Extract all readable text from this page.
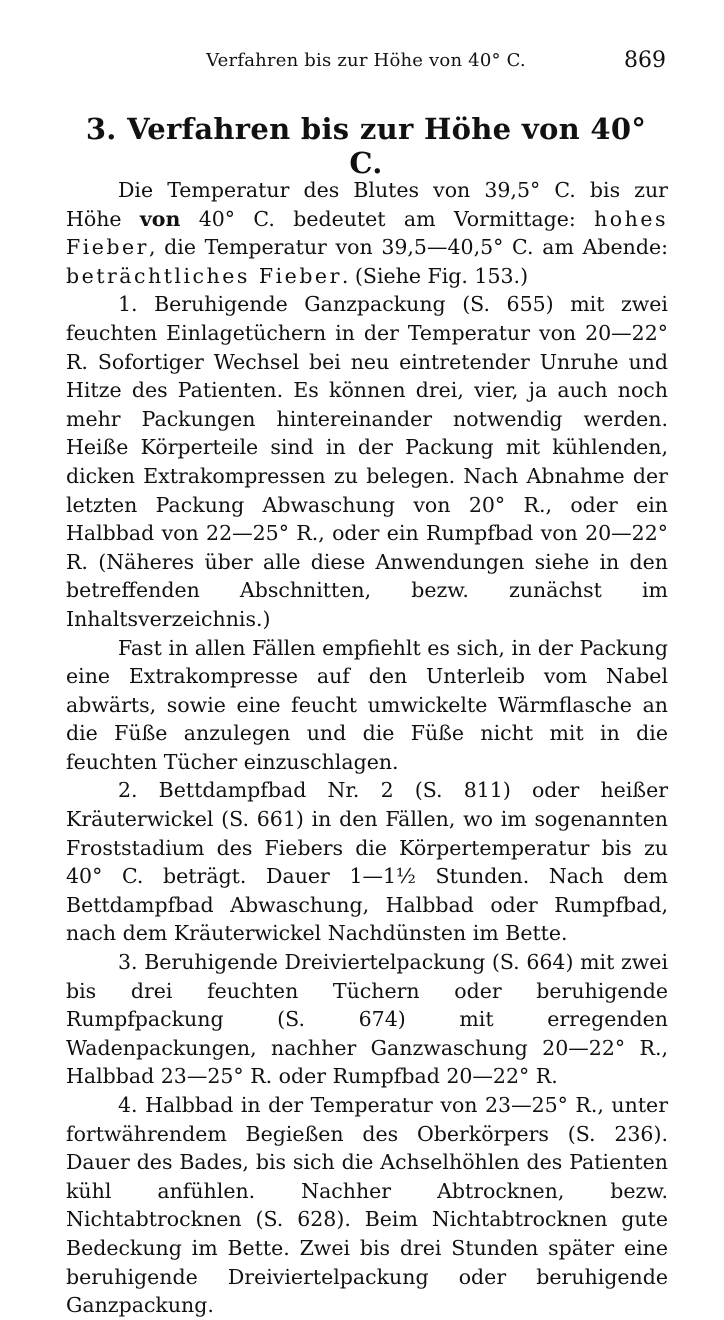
Verfahren bis zur Höhe von 40° C.	869
3. Verfahren bis zur Höhe von 40° C.

Die Temperatur des Blutes von 39,5° C. bis zur Höhe von 40° C. bedeutet am Vormittage: hohes Fieber, die Temperatur von 39,5—40,5° C. am Abende: beträchtliches Fieber. (Siehe Fig. 153.)

1. Beruhigende Ganzpackung (S. 655) mit zwei feuchten Einlagetüchern in der Temperatur von 20—22° R. Sofortiger Wechsel bei neu eintretender Unruhe und Hitze des Patienten. Es können drei, vier, ja auch noch mehr Packungen hintereinander notwendig werden. Heiße Körperteile sind in der Packung mit kühlenden, dicken Extrakompressen zu belegen. Nach Abnahme der letzten Packung Abwaschung von 20° R., oder ein Halbbad von 22—25° R., oder ein Rumpfbad von 20—22° R. (Näheres über alle diese Anwendungen siehe in den betreffenden Abschnitten, bezw. zunächst im Inhaltsverzeichnis.)

Fast in allen Fällen empfiehlt es sich, in der Packung eine Extrakompresse auf den Unterleib vom Nabel abwärts, sowie eine feucht umwickelte Wärmflasche an die Füße anzulegen und die Füße nicht mit in die feuchten Tücher einzuschlagen.

2. Bettdampfbad Nr. 2 (S. 811) oder heißer Kräuterwickel (S. 661) in den Fällen, wo im sogenannten Froststadium des Fiebers die Körpertemperatur bis zu 40° C. beträgt. Dauer 1—1½ Stunden. Nach dem Bettdampfbad Abwaschung, Halbbad oder Rumpfbad, nach dem Kräuterwickel Nachdünsten im Bette.

3. Beruhigende Dreiviertelpackung (S. 664) mit zwei bis drei feuchten Tüchern oder beruhigende Rumpfpackung (S. 674) mit erregenden Wadenpackungen, nachher Ganzwaschung 20—22° R., Halbbad 23—25° R. oder Rumpfbad 20—22° R.

4. Halbbad in der Temperatur von 23—25° R., unter fortwährendem Begießen des Oberkörpers (S. 236). Dauer des Bades, bis sich die Achselhöhlen des Patienten kühl anfühlen. Nachher Abtrocknen, bezw. Nichtabtrocknen (S. 628). Beim Nichtabtrocknen gute Bedeckung im Bette. Zwei bis drei Stunden später eine beruhigende Dreiviertelpackung oder beruhigende Ganzpackung.
